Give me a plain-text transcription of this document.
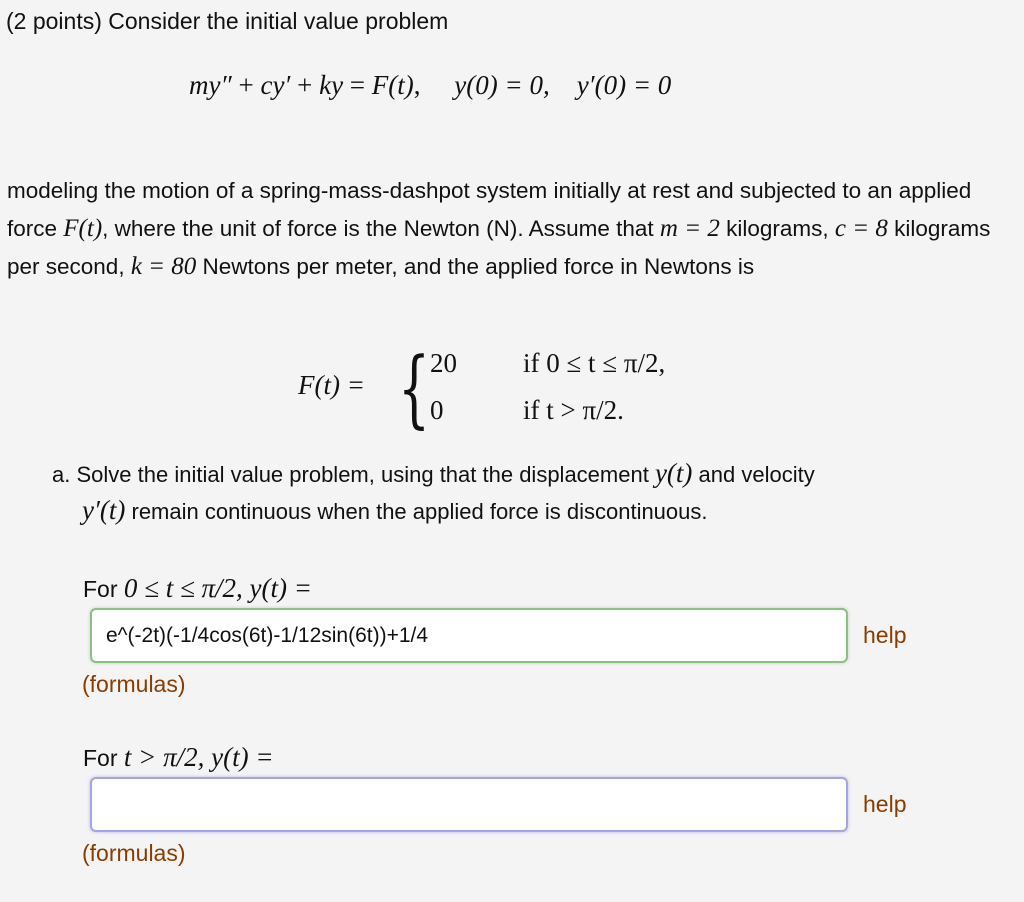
(2 points) Consider the initial value problem
my″ + cy′ + ky = F(t),     y(0) = 0, y′(0) = 0
modeling the motion of a spring-mass-dashpot system initially at rest and subjected to an applied force F(t), where the unit of force is the Newton (N). Assume that m = 2 kilograms, c = 8 kilograms per second, k = 80 Newtons per meter, and the applied force in Newtons is
F(t) = { 20 if 0 ≤ t ≤ π/2,
0	if t > π/2.
a. Solve the initial value problem, using that the displacement y(t) and velocity
y′(t) remain continuous when the applied force is discontinuous.
For 0 ≤ t ≤ π/2, y(t) =
e^(-2t)(-1/4cos(6t)-1/12sin(6t))+1/4
help
(formulas)
For t > π/2, y(t) =
help
(formulas)
